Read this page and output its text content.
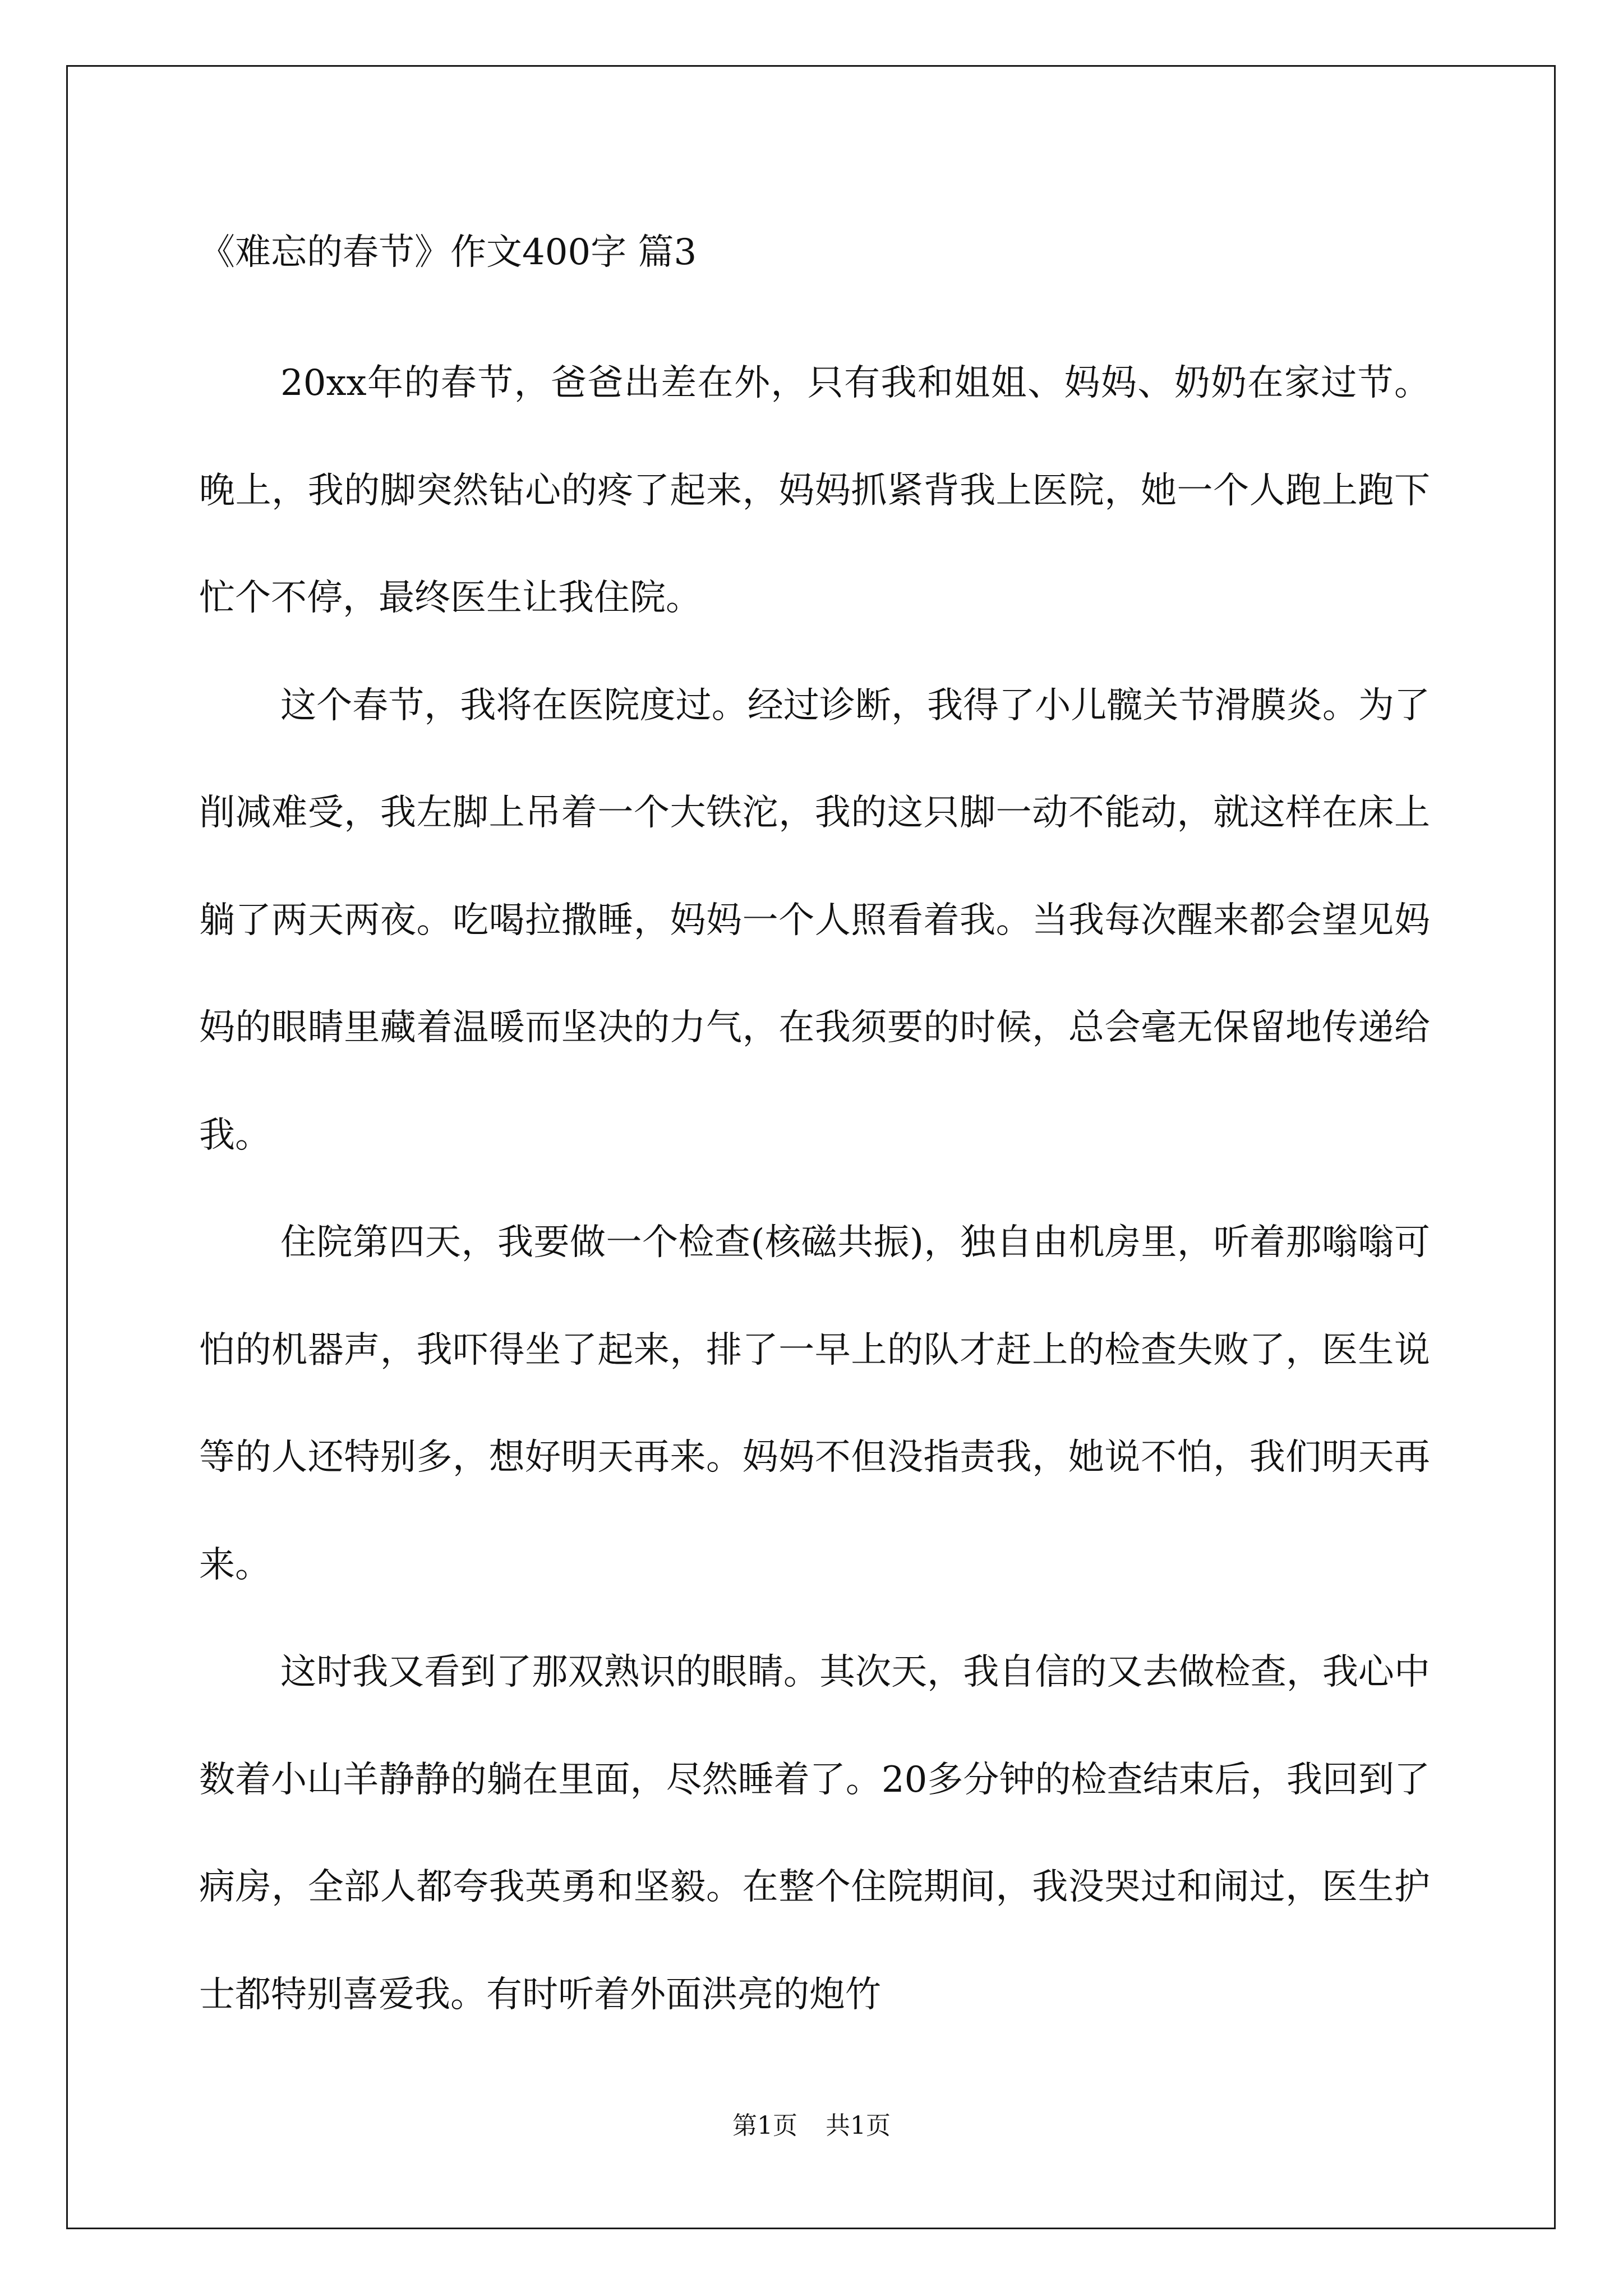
《难忘的春节》作文400字 篇3

20xx年的春节，爸爸出差在外，只有我和姐姐、妈妈、奶奶在家过节。晚上，我的脚突然钻心的疼了起来，妈妈抓紧背我上医院，她一个人跑上跑下忙个不停，最终医生让我住院。

这个春节，我将在医院度过。经过诊断，我得了小儿髋关节滑膜炎。为了削减难受，我左脚上吊着一个大铁沱，我的这只脚一动不能动，就这样在床上躺了两天两夜。吃喝拉撒睡，妈妈一个人照看着我。当我每次醒来都会望见妈妈的眼睛里藏着温暖而坚决的力气，在我须要的时候，总会毫无保留地传递给我。

住院第四天，我要做一个检查(核磁共振)，独自由机房里，听着那嗡嗡可怕的机器声，我吓得坐了起来，排了一早上的队才赶上的检查失败了，医生说等的人还特别多，想好明天再来。妈妈不但没指责我，她说不怕，我们明天再来。

这时我又看到了那双熟识的眼睛。其次天，我自信的又去做检查，我心中数着小山羊静静的躺在里面，尽然睡着了。20多分钟的检查结束后，我回到了病房，全部人都夸我英勇和坚毅。在整个住院期间，我没哭过和闹过，医生护士都特别喜爱我。有时听着外面洪亮的炮竹

第1页 共1页
